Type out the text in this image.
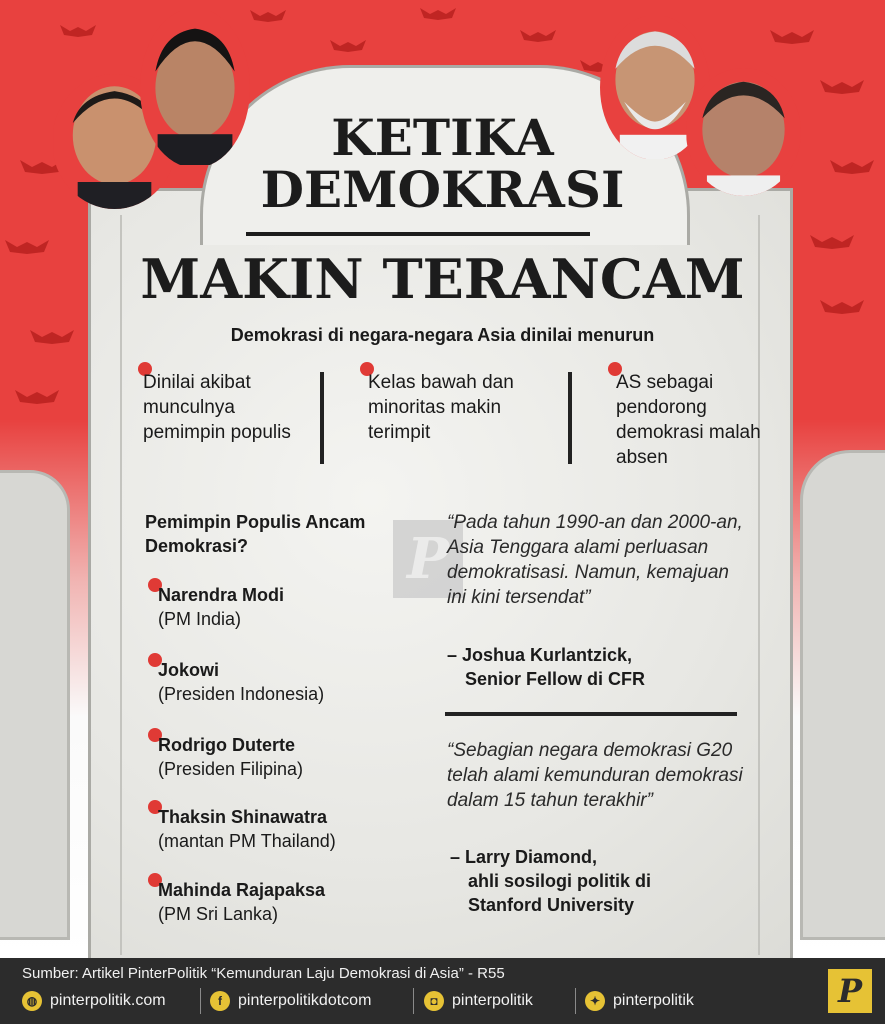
KETIKA
DEMOKRASI
MAKIN TERANCAM
Demokrasi di negara-negara Asia dinilai menurun
Dinilai akibat munculnya pemimpin populis
Kelas bawah dan minoritas makin terimpit
AS sebagai pendorong demokrasi malah absen
Pemimpin Populis Ancam Demokrasi?
Narendra Modi
(PM India)
Jokowi
(Presiden Indonesia)
Rodrigo Duterte
(Presiden Filipina)
Thaksin Shinawatra
(mantan PM Thailand)
Mahinda Rajapaksa
(PM Sri Lanka)
P
“Pada tahun 1990-an dan 2000-an, Asia Tenggara alami perluasan demokratisasi. Namun, kemajuan ini kini tersendat”
– Joshua Kurlantzick,
Senior Fellow di CFR
“Sebagian negara demokrasi G20 telah alami kemunduran demokrasi dalam 15 tahun terakhir”
– Larry Diamond,
ahli sosilogi politik di
Stanford University
Sumber: Artikel PinterPolitik “Kemunduran Laju Demokrasi di Asia” - R55
◍ pinterpolitik.com	f	pinterpolitikdotcom	◘ pinterpolitik	✦ pinterpolitik	P
